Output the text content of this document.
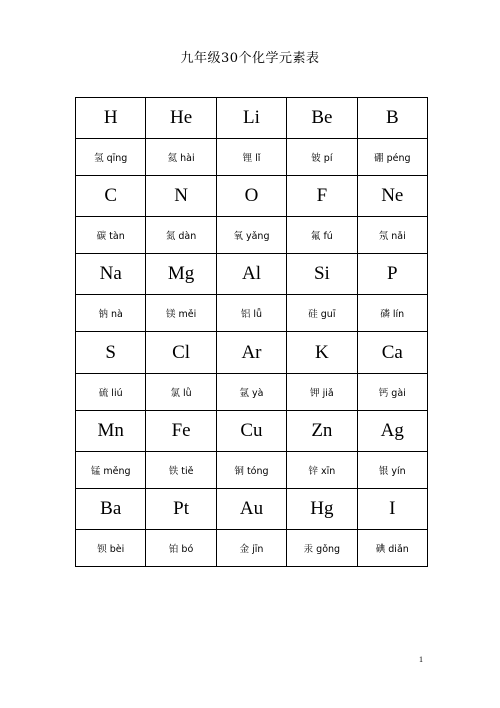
九年级30个化学元素表
H	He	Li	Be	B
氢 qīng	氦 hài	锂 lǐ	铍 pí	硼 péng
C	N	O	F	Ne
碳 tàn	氮 dàn	氧 yǎng	氟 fú	氖 nǎi
Na	Mg	Al	Si	P
钠 nà	镁 měi	铝 lǚ	硅 guī	磷 lín
S	Cl	Ar	K	Ca
硫 liú	氯 lǜ	氩 yà	钾 jiǎ	钙 gài
Mn	Fe	Cu	Zn	Ag
锰 měng	铁 tiě	铜 tóng	锌 xīn	银 yín
Ba	Pt	Au	Hg	I
钡 bèi	铂 bó	金 jīn	汞 gǒng	碘 diǎn
1
